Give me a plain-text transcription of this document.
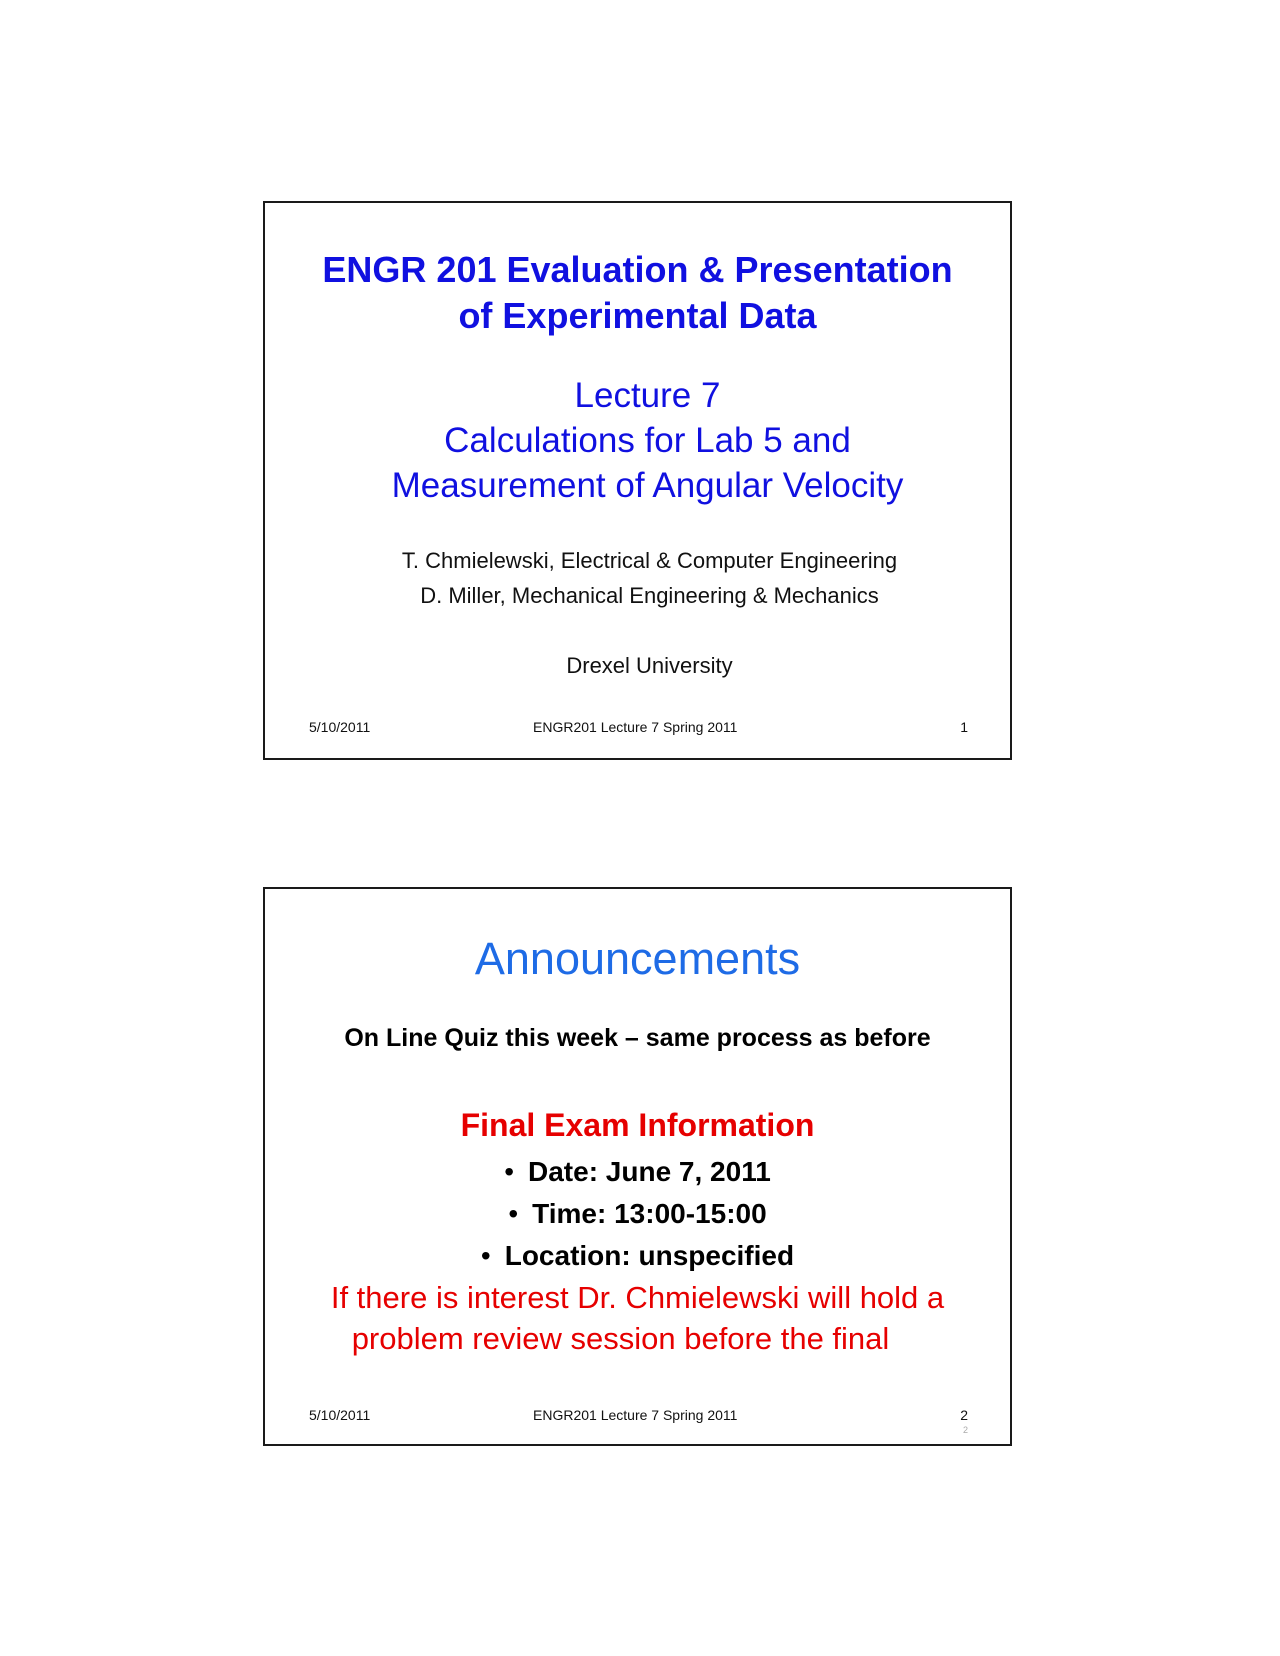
ENGR 201 Evaluation & Presentation
of Experimental Data
Lecture 7
Calculations for Lab 5 and
Measurement of Angular Velocity
T. Chmielewski, Electrical & Computer Engineering
D. Miller, Mechanical Engineering & Mechanics
Drexel University
5/10/2011	ENGR201 Lecture 7 Spring 2011	1
Announcements
On Line Quiz this week – same process as before
Final Exam Information
• Date: June 7, 2011
• Time: 13:00-15:00
• Location: unspecified
If there is interest Dr. Chmielewski will hold a
problem review session before the final
5/10/2011	ENGR201 Lecture 7 Spring 2011	2
2
